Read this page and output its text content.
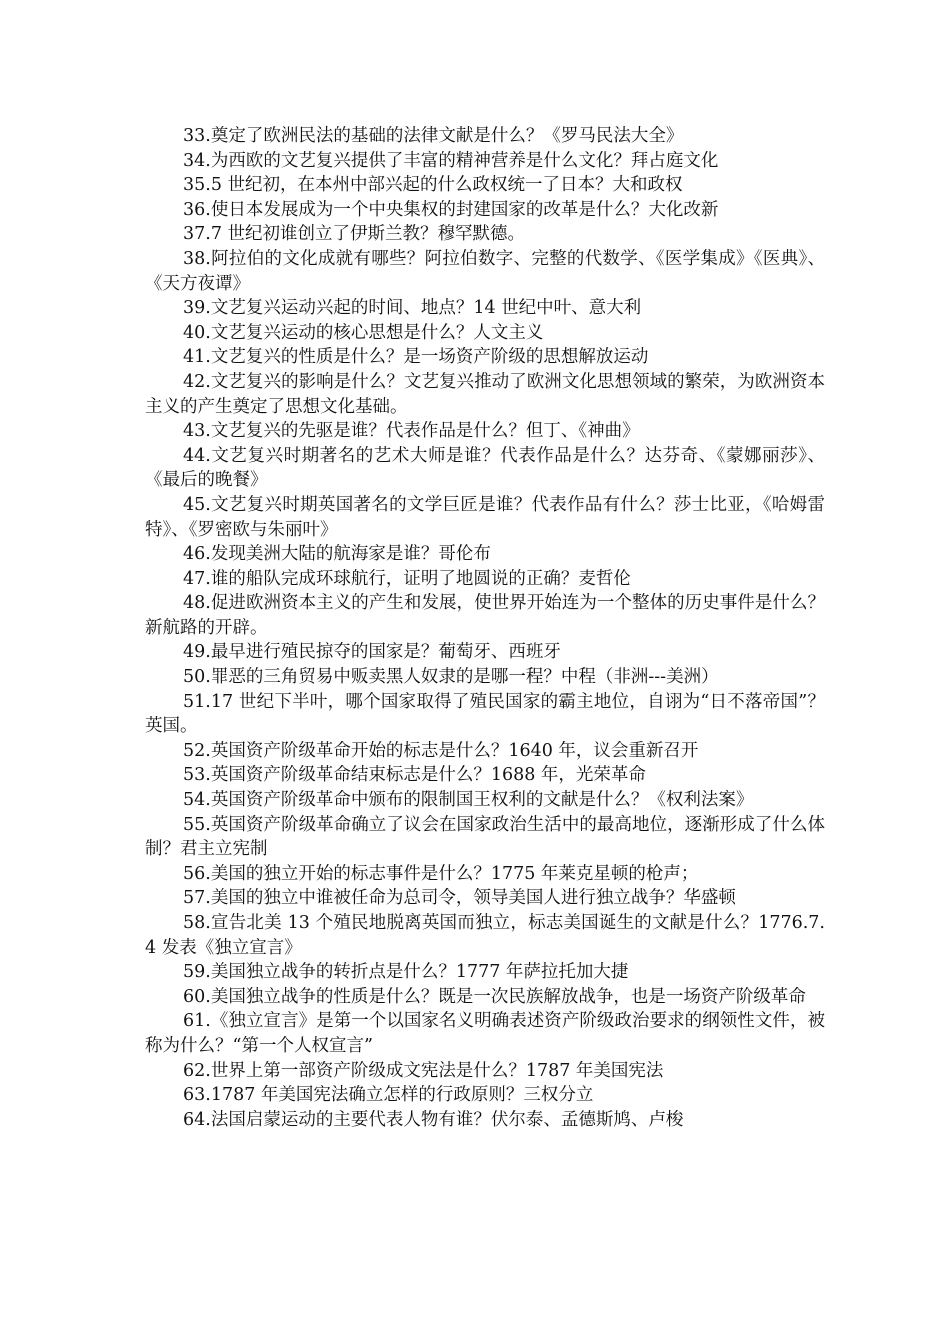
33.奠定了欧洲民法的基础的法律文献是什么？《罗马民法大全》

34.为西欧的文艺复兴提供了丰富的精神营养是什么文化？拜占庭文化

35.5 世纪初，在本州中部兴起的什么政权统一了日本？大和政权

36.使日本发展成为一个中央集权的封建国家的改革是什么？大化改新

37.7 世纪初谁创立了伊斯兰教？穆罕默德。

38.阿拉伯的文化成就有哪些？阿拉伯数字、完整的代数学、《医学集成》《医典》、《天方夜谭》

39.文艺复兴运动兴起的时间、地点？14 世纪中叶、意大利

40.文艺复兴运动的核心思想是什么？人文主义

41.文艺复兴的性质是什么？是一场资产阶级的思想解放运动

42.文艺复兴的影响是什么？文艺复兴推动了欧洲文化思想领域的繁荣，为欧洲资本主义的产生奠定了思想文化基础。

43.文艺复兴的先驱是谁？代表作品是什么？但丁、《神曲》

44.文艺复兴时期著名的艺术大师是谁？代表作品是什么？达芬奇、《蒙娜丽莎》、《最后的晚餐》

45.文艺复兴时期英国著名的文学巨匠是谁？代表作品有什么？莎士比亚，《哈姆雷特》、《罗密欧与朱丽叶》

46.发现美洲大陆的航海家是谁？哥伦布

47.谁的船队完成环球航行，证明了地圆说的正确？麦哲伦

48.促进欧洲资本主义的产生和发展，使世界开始连为一个整体的历史事件是什么？新航路的开辟。

49.最早进行殖民掠夺的国家是？葡萄牙、西班牙

50.罪恶的三角贸易中贩卖黑人奴隶的是哪一程？中程（非洲---美洲）

51.17 世纪下半叶，哪个国家取得了殖民国家的霸主地位，自诩为“日不落帝国”？英国。

52.英国资产阶级革命开始的标志是什么？1640 年，议会重新召开

53.英国资产阶级革命结束标志是什么？1688 年，光荣革命

54.英国资产阶级革命中颁布的限制国王权利的文献是什么？《权利法案》

55.英国资产阶级革命确立了议会在国家政治生活中的最高地位，逐渐形成了什么体制？君主立宪制

56.美国的独立开始的标志事件是什么？1775 年莱克星顿的枪声；

57.美国的独立中谁被任命为总司令，领导美国人进行独立战争？华盛顿

58.宣告北美 13 个殖民地脱离英国而独立，标志美国诞生的文献是什么？1776.7.4 发表《独立宣言》

59.美国独立战争的转折点是什么？1777 年萨拉托加大捷

60.美国独立战争的性质是什么？既是一次民族解放战争，也是一场资产阶级革命

61.《独立宣言》是第一个以国家名义明确表述资产阶级政治要求的纲领性文件，被称为什么？“第一个人权宣言”

62.世界上第一部资产阶级成文宪法是什么？1787 年美国宪法

63.1787 年美国宪法确立怎样的行政原则？三权分立

64.法国启蒙运动的主要代表人物有谁？伏尔泰、孟德斯鸠、卢梭
